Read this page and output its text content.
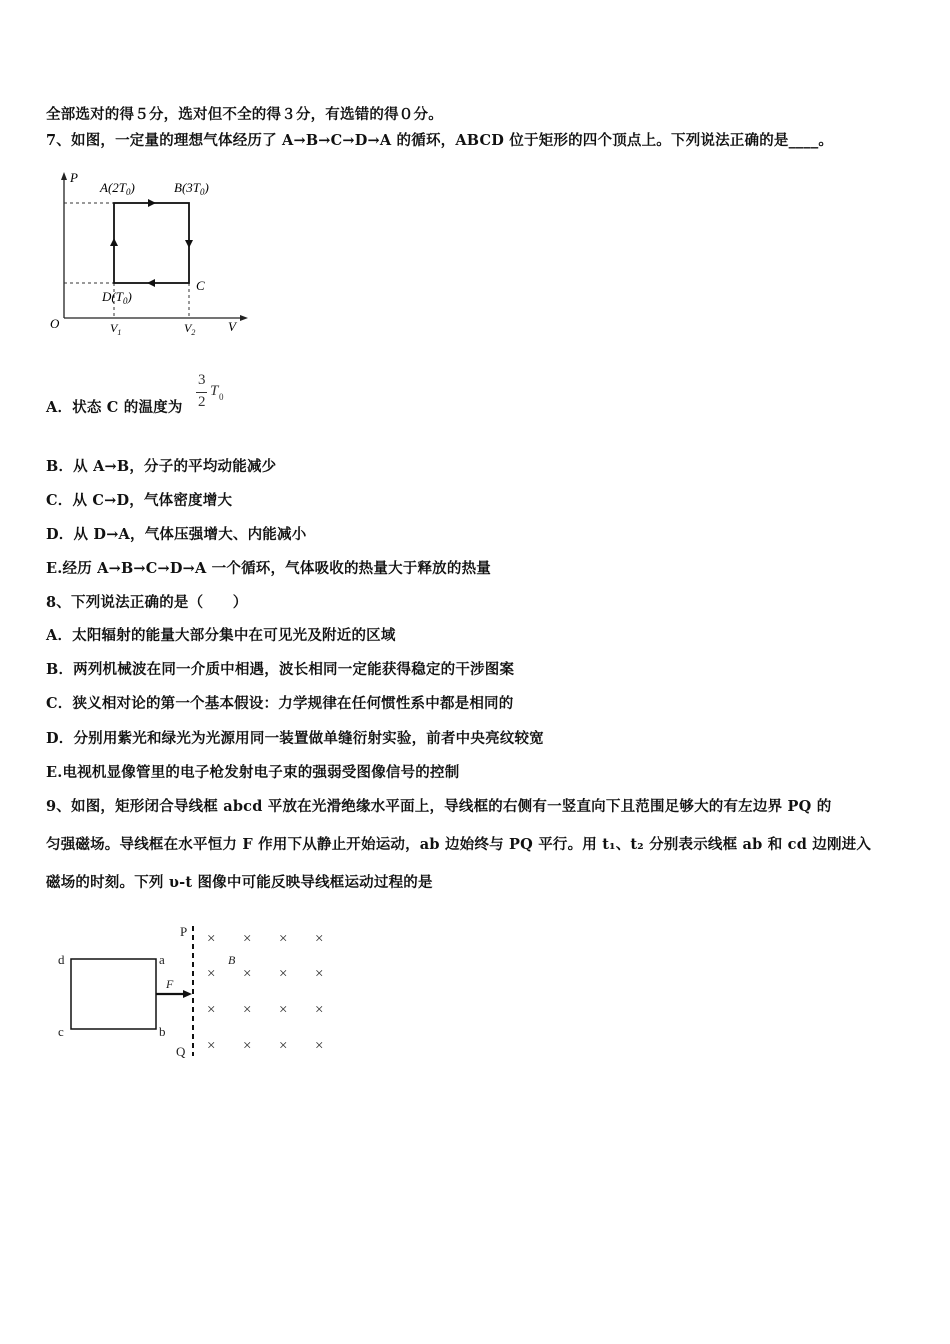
全部选对的得５分，选对但不全的得３分，有选错的得０分。
7、如图，一定量的理想气体经历了 A→B→C→D→A 的循环，ABCD 位于矩形的四个顶点上。下列说法正确的是____。
P
V
O
$A(2T_0)$	$B(3T_0)$
C
$D(T_0)$
$V_1$	$V_2$
A．状态 C 的温度为
3
2
T 0
B．从 A→B，分子的平均动能减少
C．从 C→D，气体密度增大
D．从 D→A，气体压强增大、内能减小
E.经历 A→B→C→D→A 一个循环，气体吸收的热量大于释放的热量
8、下列说法正确的是（　　）
A．太阳辐射的能量大部分集中在可见光及附近的区域
B．两列机械波在同一介质中相遇，波长相同一定能获得稳定的干涉图案
C．狭义相对论的第一个基本假设：力学规律在任何惯性系中都是相同的
D．分别用紫光和绿光为光源用同一装置做单缝衍射实验，前者中央亮纹较宽
E.电视机显像管里的电子枪发射电子束的强弱受图像信号的控制
9、如图，矩形闭合导线框 abcd 平放在光滑绝缘水平面上，导线框的右侧有一竖直向下且范围足够大的有左边界 PQ 的
匀强磁场。导线框在水平恒力 F 作用下从静止开始运动，ab 边始终与 PQ 平行。用 t₁、t₂ 分别表示线框 ab 和 cd 边刚进入
磁场的时刻。下列 υ-t 图像中可能反映导线框运动过程的是
P
Q
a
b
c
d
F
B
× × × ×
× × × ×
× × × ×
× × × ×
